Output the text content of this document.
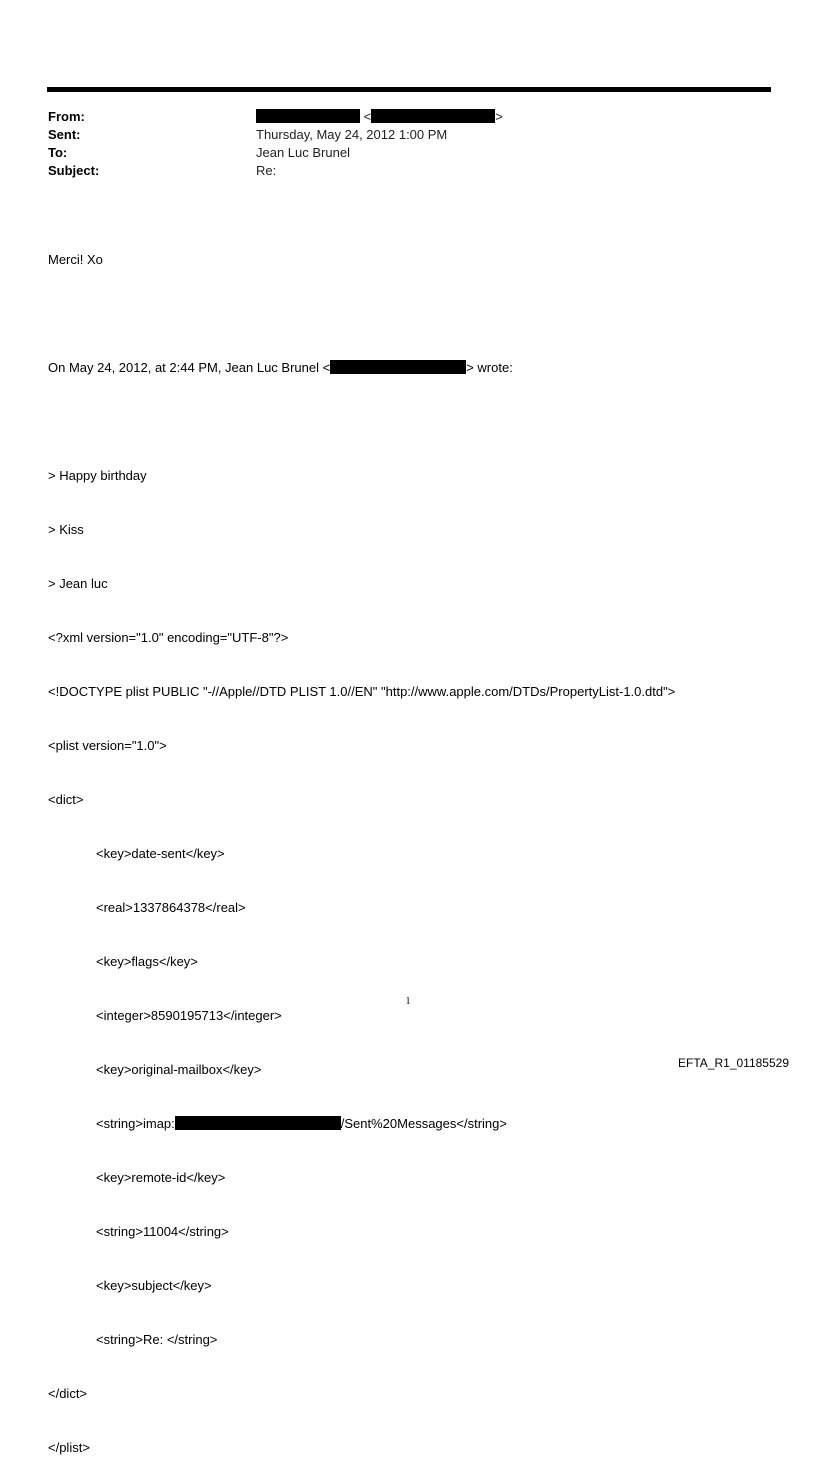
From:	<	>
Sent:	Thursday, May 24, 2012 1:00 PM
To:	Jean Luc Brunel
Subject:	Re:

Merci! Xo

On May 24, 2012, at 2:44 PM, Jean Luc Brunel <	> wrote:

> Happy birthday

> Kiss

> Jean luc

<?xml version="1.0" encoding="UTF-8"?>

<!DOCTYPE plist PUBLIC "-//Apple//DTD PLIST 1.0//EN" "http://www.apple.com/DTDs/PropertyList-1.0.dtd">

<plist version="1.0">

<dict>

<key>date-sent</key>

<real>1337864378</real>

<key>flags</key>

<integer>8590195713</integer>

<key>original-mailbox</key>

<string>imap:	/Sent%20Messages</string>

<key>remote-id</key>

<string>11004</string>

<key>subject</key>

<string>Re: </string>

</dict>

</plist>

1
EFTA_R1_01185529
